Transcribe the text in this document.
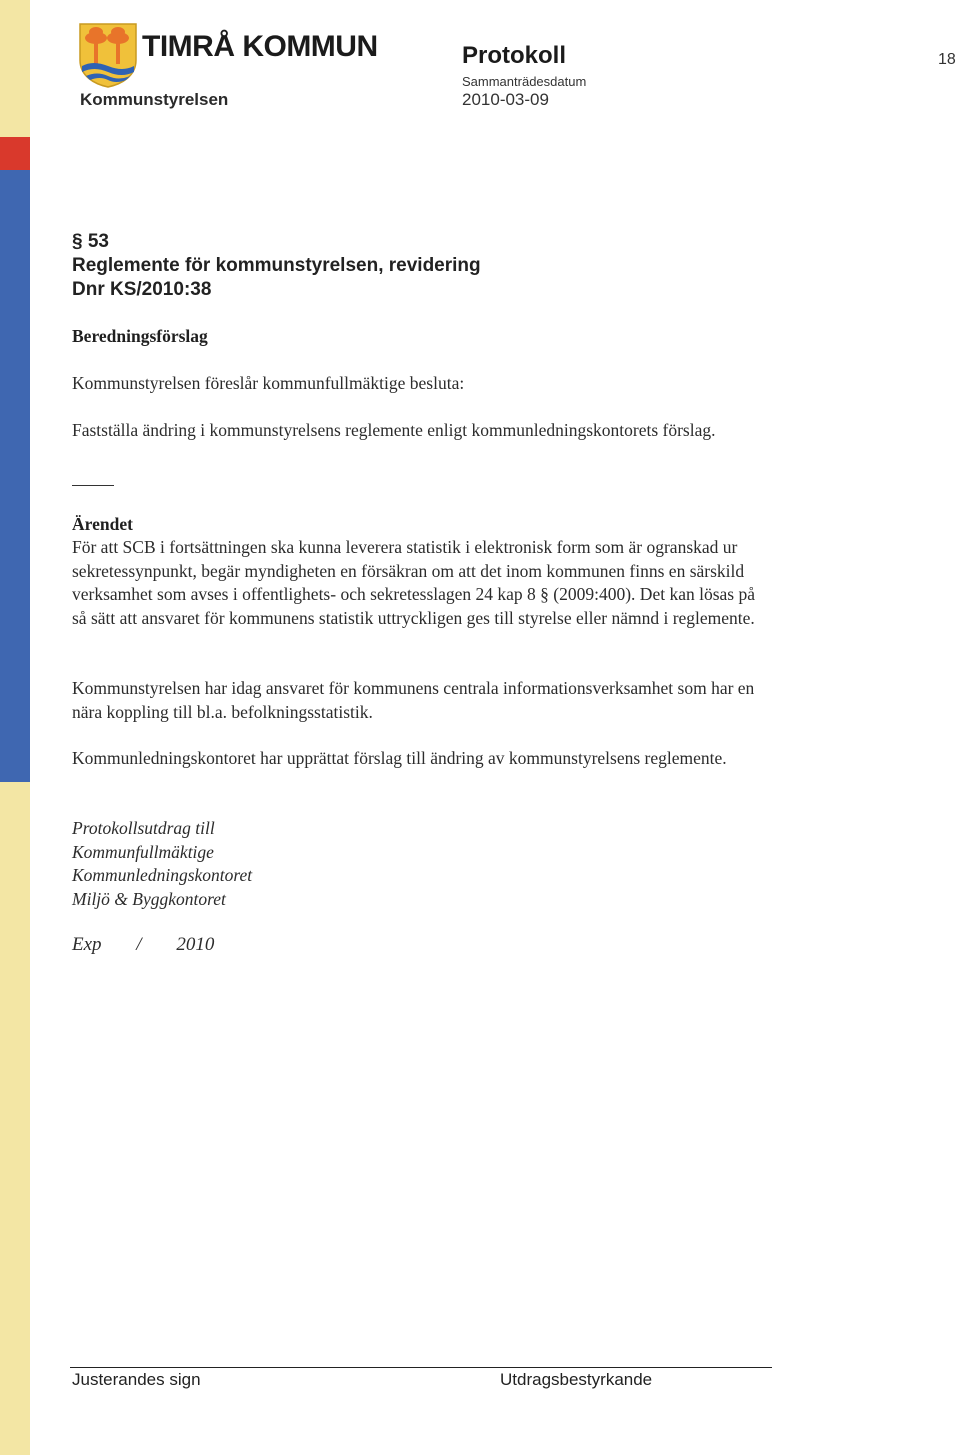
TIMRÅ KOMMUN
Kommunstyrelsen
Protokoll
Sammanträdesdatum
2010-03-09
18
§ 53
Reglemente för kommunstyrelsen, revidering
Dnr KS/2010:38
Beredningsförslag
Kommunstyrelsen föreslår kommunfullmäktige besluta:
Fastställa ändring i kommunstyrelsens reglemente enligt kommunledningskontorets förslag.
Ärendet
För att SCB i fortsättningen ska kunna leverera statistik i elektronisk form som är ogranskad ur sekretessynpunkt, begär myndigheten en försäkran om att det inom kommunen finns en särskild verksamhet som avses i offentlighets- och sekretesslagen 24 kap 8 § (2009:400). Det kan lösas på så sätt att ansvaret för kommunens statistik uttryckligen ges till styrelse eller nämnd i reglemente.
Kommunstyrelsen har idag ansvaret för kommunens centrala informationsverksamhet som har en nära koppling till bl.a. befolkningsstatistik.
Kommunledningskontoret har upprättat förslag till ändring av kommunstyrelsens reglemente.
Protokollsutdrag till
Kommunfullmäktige
Kommunledningskontoret
Miljö & Byggkontoret
Exp / 2010
Justerandes sign	Utdragsbestyrkande
